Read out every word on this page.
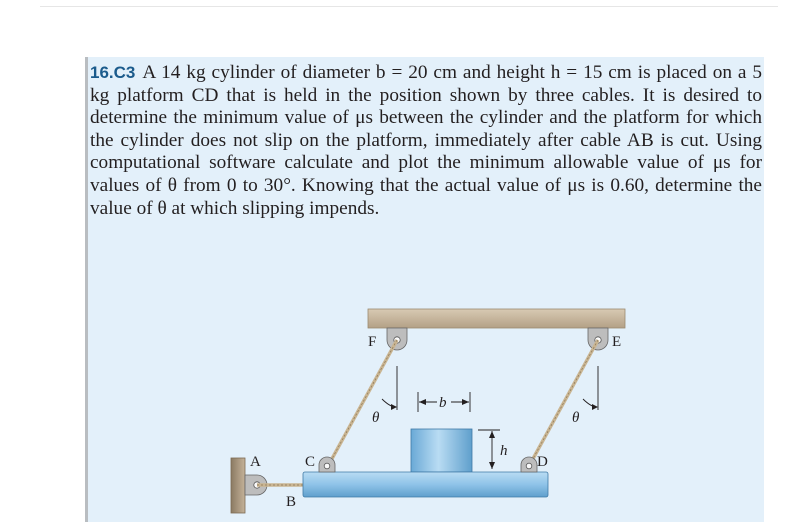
16.C3 A 14 kg cylinder of diameter b = 20 cm and height h = 15 cm is placed on a 5 kg platform CD that is held in the position shown by three cables. It is desired to determine the minimum value of μs between the cylinder and the platform for which the cylinder does not slip on the platform, immediately after cable AB is cut. Using computational software calculate and plot the minimum allowable value of μs for values of θ from 0 to 30°. Knowing that the actual value of μs is 0.60, determine the value of θ at which slipping impends.

F	E
A
B
C	D
b
h
θ	θ
